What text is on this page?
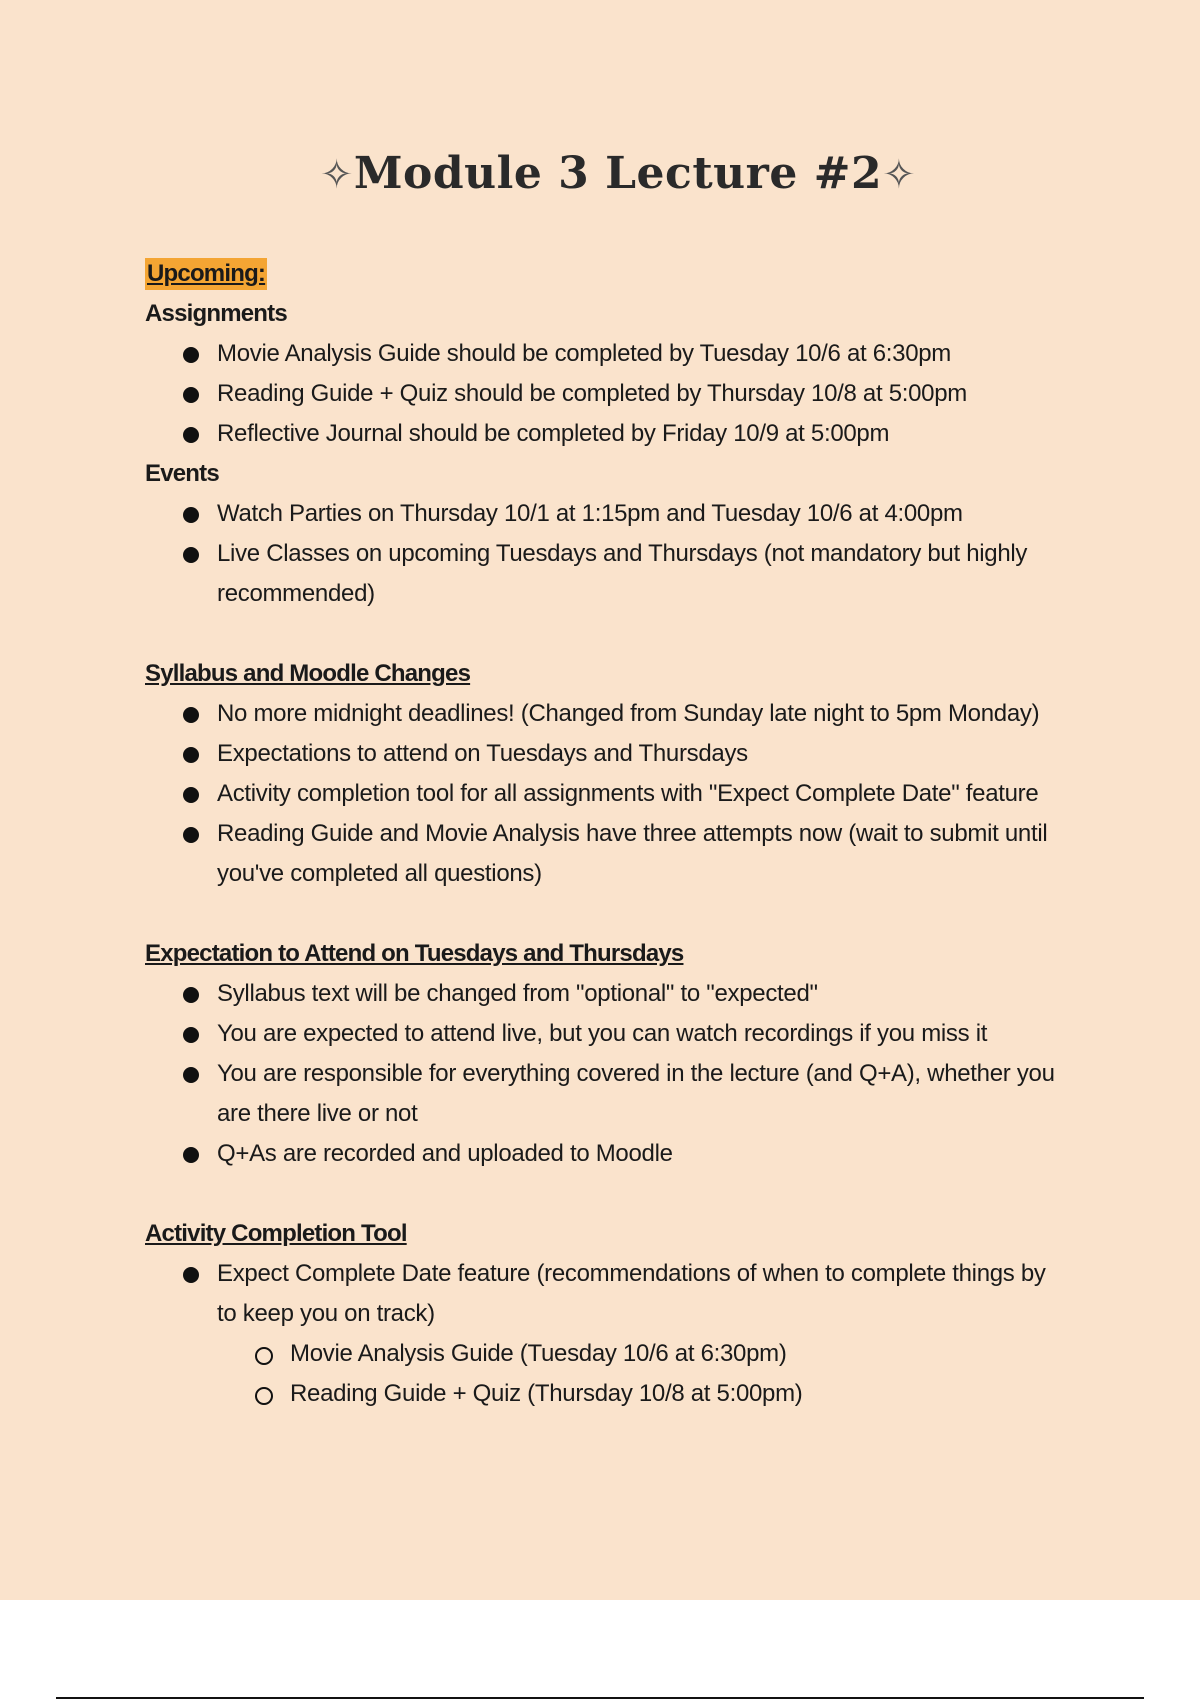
✧Module 3 Lecture #2✧
Upcoming:
Assignments
Movie Analysis Guide should be completed by Tuesday 10/6 at 6:30pm
Reading Guide + Quiz should be completed by Thursday 10/8 at 5:00pm
Reflective Journal should be completed by Friday 10/9 at 5:00pm
Events
Watch Parties on Thursday 10/1 at 1:15pm and Tuesday 10/6 at 4:00pm
Live Classes on upcoming Tuesdays and Thursdays (not mandatory but highly recommended)
Syllabus and Moodle Changes
No more midnight deadlines! (Changed from Sunday late night to 5pm Monday)
Expectations to attend on Tuesdays and Thursdays
Activity completion tool for all assignments with "Expect Complete Date" feature
Reading Guide and Movie Analysis have three attempts now (wait to submit until you've completed all questions)
Expectation to Attend on Tuesdays and Thursdays
Syllabus text will be changed from "optional" to "expected"
You are expected to attend live, but you can watch recordings if you miss it
You are responsible for everything covered in the lecture (and Q+A), whether you are there live or not
Q+As are recorded and uploaded to Moodle
Activity Completion Tool
Expect Complete Date feature (recommendations of when to complete things by to keep you on track)
Movie Analysis Guide (Tuesday 10/6 at 6:30pm)
Reading Guide + Quiz (Thursday 10/8 at 5:00pm)
